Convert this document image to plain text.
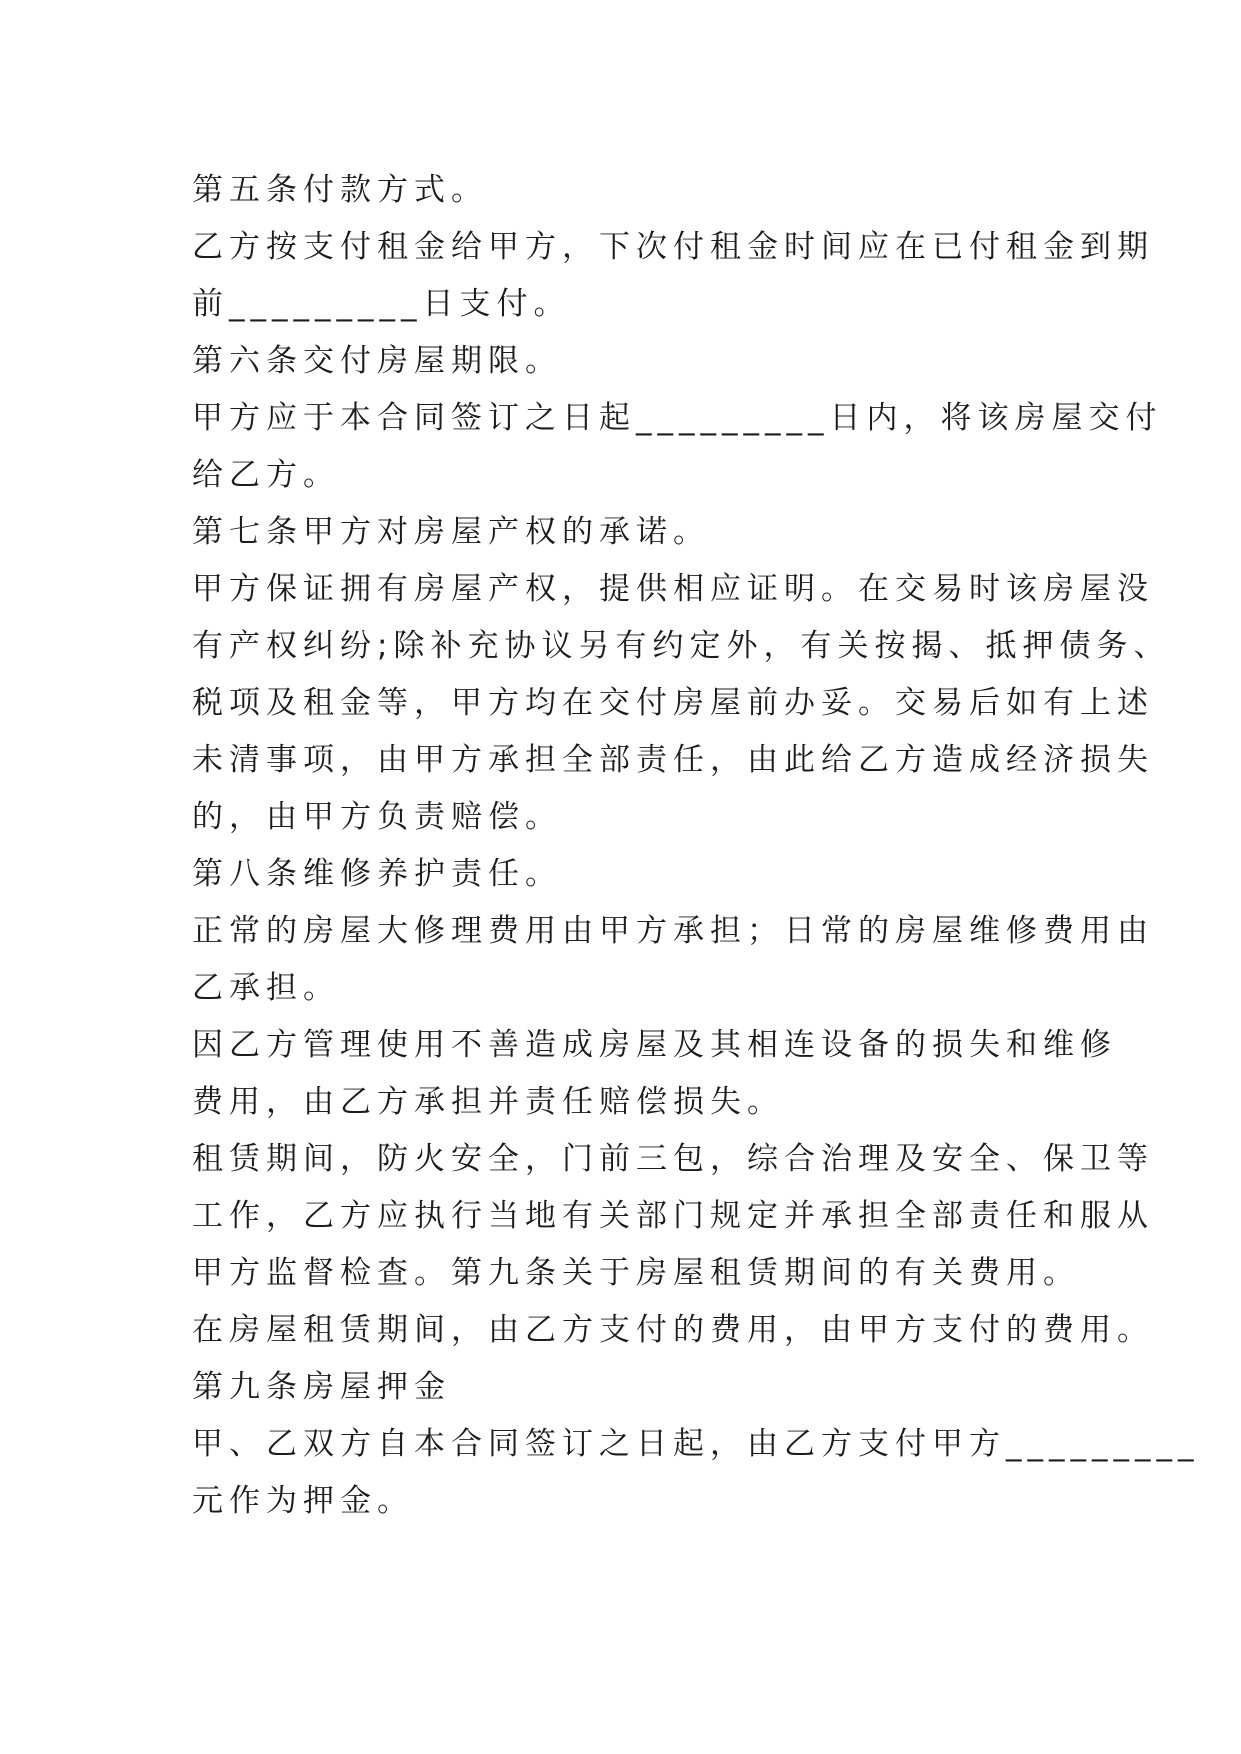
第五条付款方式。
乙方按支付租金给甲方，下次付租金时间应在已付租金到期
前_________日支付。
第六条交付房屋期限。
甲方应于本合同签订之日起_________日内，将该房屋交付
给乙方。
第七条甲方对房屋产权的承诺。
甲方保证拥有房屋产权，提供相应证明。在交易时该房屋没
有产权纠纷;除补充协议另有约定外，有关按揭、抵押债务、
税项及租金等，甲方均在交付房屋前办妥。交易后如有上述
未清事项，由甲方承担全部责任，由此给乙方造成经济损失
的，由甲方负责赔偿。
第八条维修养护责任。
正常的房屋大修理费用由甲方承担；日常的房屋维修费用由
乙承担。
因乙方管理使用不善造成房屋及其相连设备的损失和维修
费用，由乙方承担并责任赔偿损失。
租赁期间，防火安全，门前三包，综合治理及安全、保卫等
工作，乙方应执行当地有关部门规定并承担全部责任和服从
甲方监督检查。第九条关于房屋租赁期间的有关费用。
在房屋租赁期间，由乙方支付的费用，由甲方支付的费用。
第九条房屋押金
甲、乙双方自本合同签订之日起，由乙方支付甲方_________
元作为押金。
